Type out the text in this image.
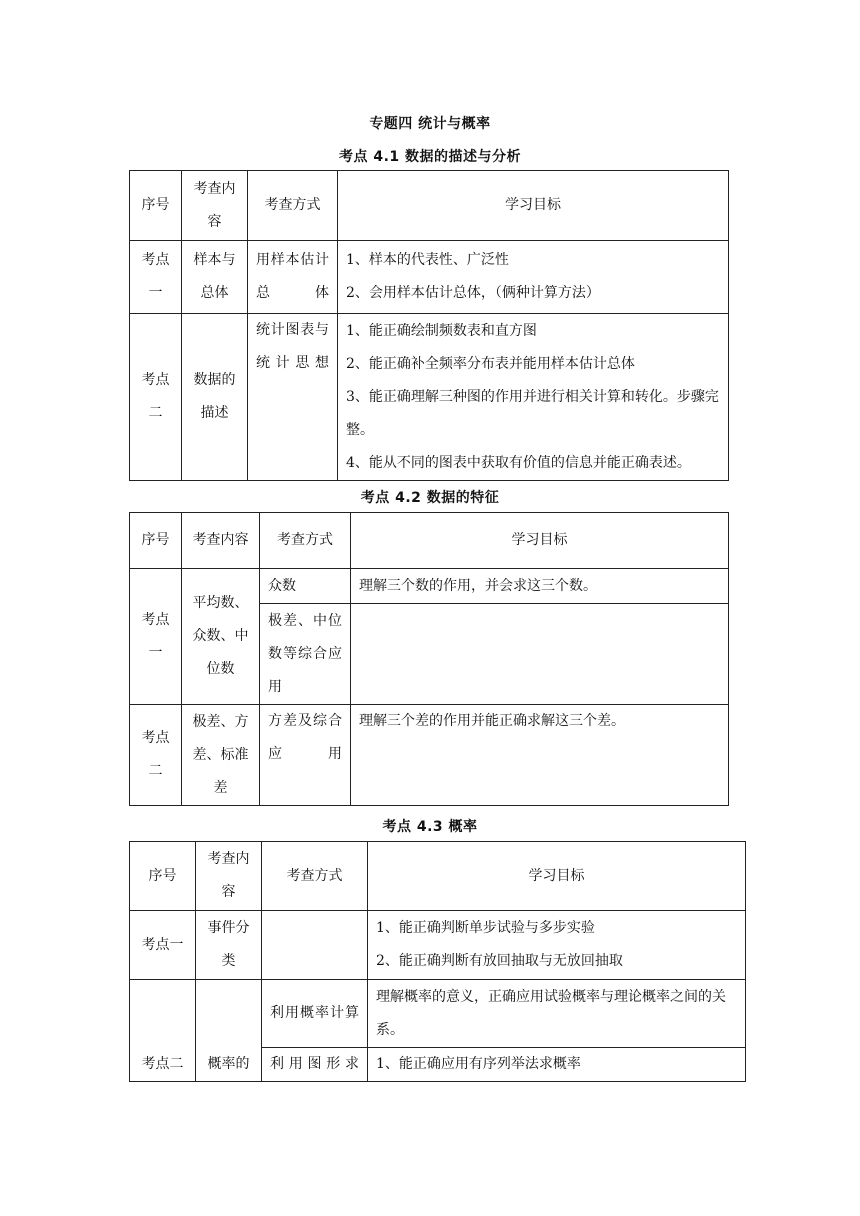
专题四 统计与概率
考点 4.1 数据的描述与分析
序号	考查内容	考查方式	学习目标
考点一	样本与总体	用样本估计总体	1、样本的代表性、广泛性
2、会用样本估计总体，（俩种计算方法）

考点二	数据的描述	统计图表与统计思想	1、能正确绘制频数表和直方图
2、能正确补全频率分布表并能用样本估计总体
3、能正确理解三种图的作用并进行相关计算和转化。步骤完整。
4、能从不同的图表中获取有价值的信息并能正确表述。
考点 4.2 数据的特征
序号	考查内容	考查方式	学习目标
考点一	平均数、众数、中位数	众数	理解三个数的作用，并会求这三个数。
		极差、中位数等综合应用	
考点二	极差、方差、标准差	方差及综合应用	理解三个差的作用并能正确求解这三个差。
考点 4.3 概率
序号	考查内容	考查方式	学习目标
考点一	事件分类		1、能正确判断单步试验与多步实验
2、能正确判断有放回抽取与无放回抽取

考点二	概率的	利用概率计算	理解概率的意义，正确应用试验概率与理论概率之间的关系。
		利用图形求	1、能正确应用有序列举法求概率
